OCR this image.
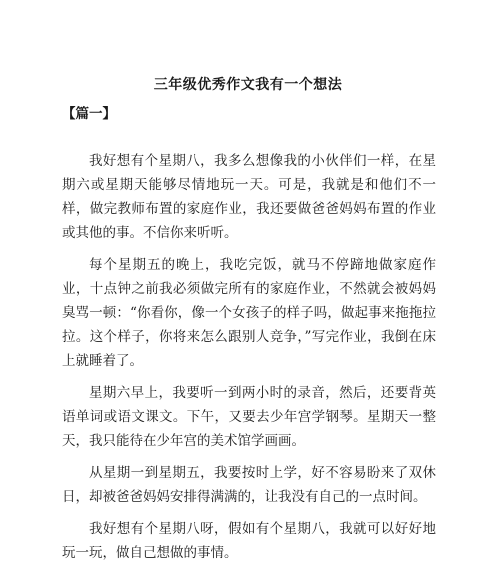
三年级优秀作文我有一个想法
【篇一】

我好想有个星期八，我多么想像我的小伙伴们一样，在星期六或星期天能够尽情地玩一天。可是，我就是和他们不一样，做完教师布置的家庭作业，我还要做爸爸妈妈布置的作业或其他的事。不信你来听听。

每个星期五的晚上，我吃完饭，就马不停蹄地做家庭作业，十点钟之前我必须做完所有的家庭作业，不然就会被妈妈臭骂一顿：“你看你，像一个女孩子的样子吗，做起事来拖拖拉拉。这个样子，你将来怎么跟别人竞争，”写完作业，我倒在床上就睡着了。

星期六早上，我要听一到两小时的录音，然后，还要背英语单词或语文课文。下午，又要去少年宫学钢琴。星期天一整天，我只能待在少年宫的美术馆学画画。

从星期一到星期五，我要按时上学，好不容易盼来了双休日，却被爸爸妈妈安排得满满的，让我没有自己的一点时间。

我好想有个星期八呀，假如有个星期八，我就可以好好地玩一玩，做自己想做的事情。
